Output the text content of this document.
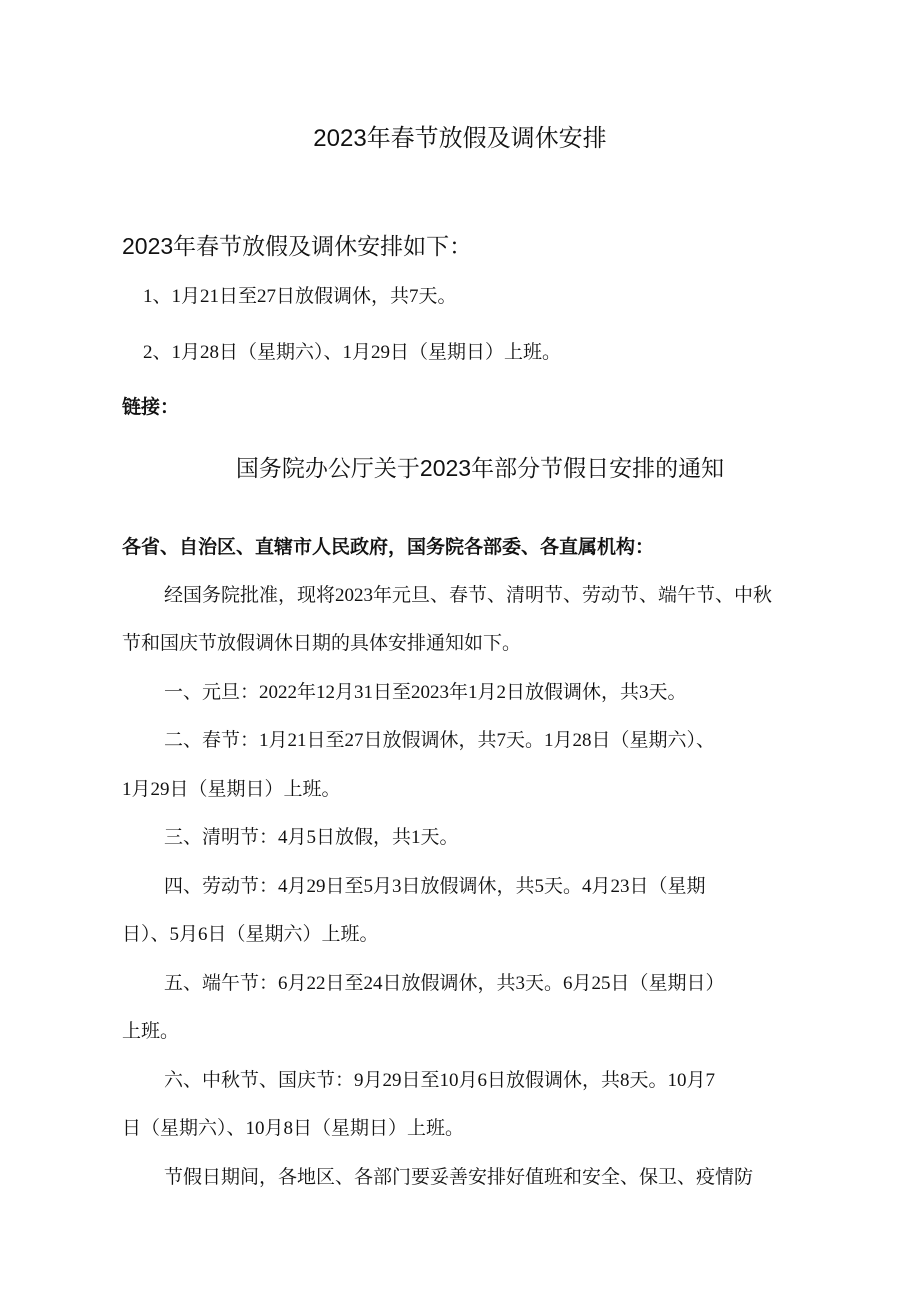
2023年春节放假及调休安排
2023年春节放假及调休安排如下：
1、1月21日至27日放假调休，共7天。
2、1月28日（星期六）、1月29日（星期日）上班。
链接：
国务院办公厅关于2023年部分节假日安排的通知
各省、自治区、直辖市人民政府，国务院各部委、各直属机构：
经国务院批准，现将2023年元旦、春节、清明节、劳动节、端午节、中秋
节和国庆节放假调休日期的具体安排通知如下。
一、元旦：2022年12月31日至2023年1月2日放假调休，共3天。
二、春节：1月21日至27日放假调休，共7天。1月28日（星期六）、
1月29日（星期日）上班。
三、清明节：4月5日放假，共1天。
四、劳动节：4月29日至5月3日放假调休，共5天。4月23日（星期
日）、5月6日（星期六）上班。
五、端午节：6月22日至24日放假调休，共3天。6月25日（星期日）
上班。
六、中秋节、国庆节：9月29日至10月6日放假调休，共8天。10月7
日（星期六）、10月8日（星期日）上班。
节假日期间，各地区、各部门要妥善安排好值班和安全、保卫、疫情防
